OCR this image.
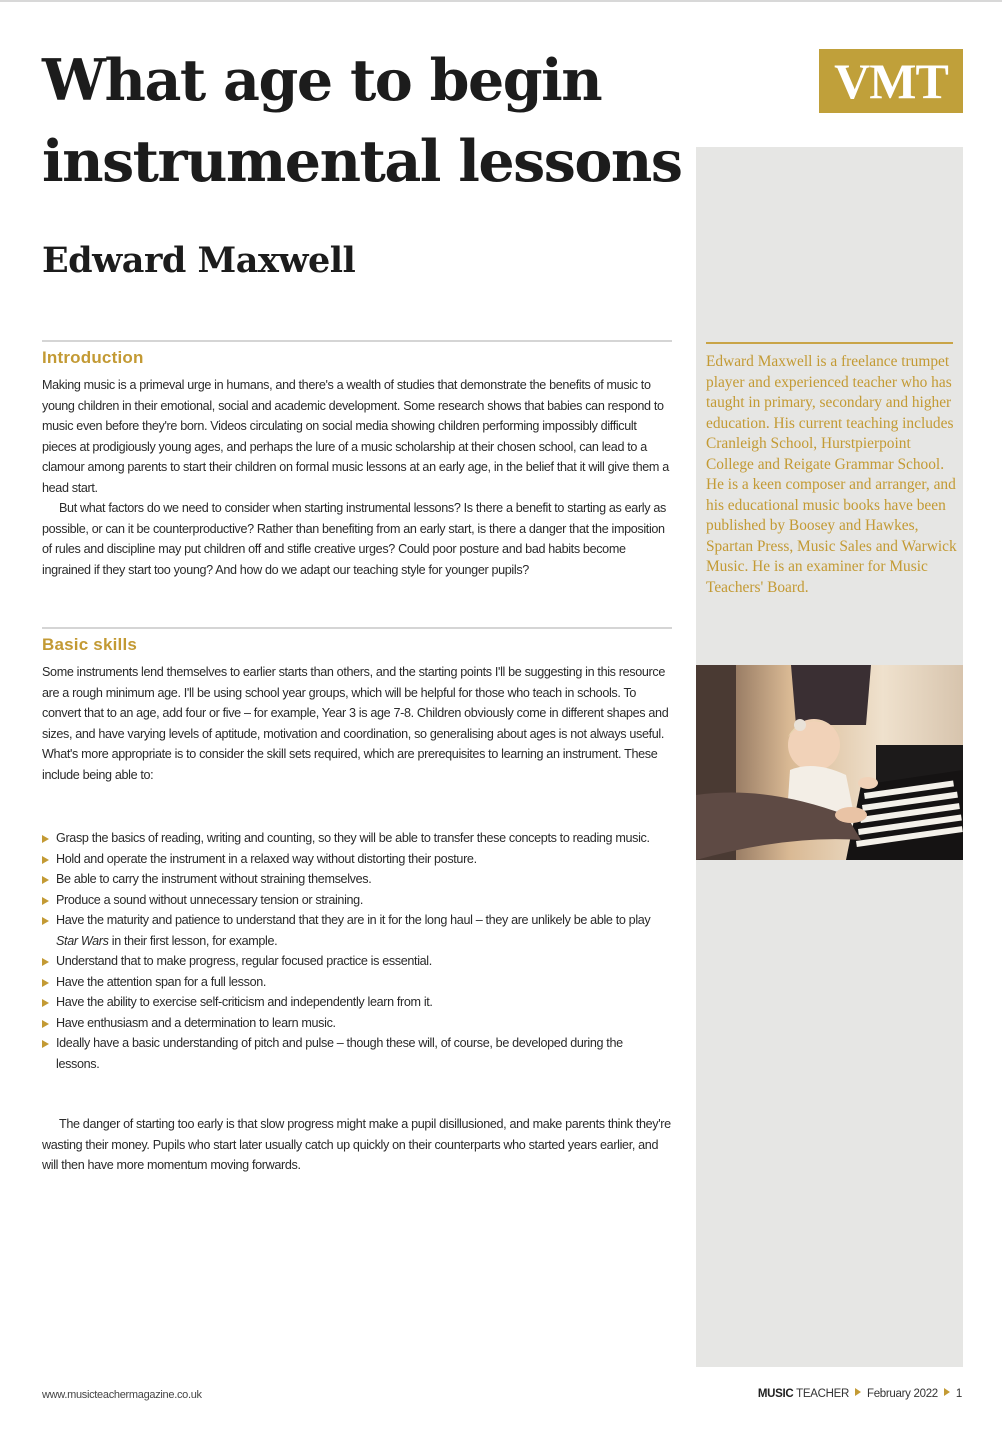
What age to begin
instrumental lessons
Edward Maxwell
VMT

Edward Maxwell is a freelance trumpet player and experienced teacher who has taught in primary, secondary and higher education. His current teaching includes Cranleigh School, Hurstpierpoint College and Reigate Grammar School. He is a keen composer and arranger, and his educational music books have been published by Boosey and Hawkes, Spartan Press, Music Sales and Warwick Music. He is an examiner for Music Teachers' Board.

Introduction

Making music is a primeval urge in humans, and there's a wealth of studies that demonstrate the benefits of music to young children in their emotional, social and academic development. Some research shows that babies can respond to music even before they're born. Videos circulating on social media showing children performing impossibly difficult pieces at prodigiously young ages, and perhaps the lure of a music scholarship at their chosen school, can lead to a clamour among parents to start their children on formal music lessons at an early age, in the belief that it will give them a head start.

But what factors do we need to consider when starting instrumental lessons? Is there a benefit to starting as early as possible, or can it be counterproductive? Rather than benefiting from an early start, is there a danger that the imposition of rules and discipline may put children off and stifle creative urges? Could poor posture and bad habits become ingrained if they start too young? And how do we adapt our teaching style for younger pupils?

Basic skills

Some instruments lend themselves to earlier starts than others, and the starting points I'll be suggesting in this resource are a rough minimum age. I'll be using school year groups, which will be helpful for those who teach in schools. To convert that to an age, add four or five – for example, Year 3 is age 7-8. Children obviously come in different shapes and sizes, and have varying levels of aptitude, motivation and coordination, so generalising about ages is not always useful. What's more appropriate is to consider the skill sets required, which are prerequisites to learning an instrument. These include being able to:

Grasp the basics of reading, writing and counting, so they will be able to transfer these concepts to reading music.
Hold and operate the instrument in a relaxed way without distorting their posture.
Be able to carry the instrument without straining themselves.
Produce a sound without unnecessary tension or straining.
Have the maturity and patience to understand that they are in it for the long haul – they are unlikely be able to play Star Wars in their first lesson, for example.
Understand that to make progress, regular focused practice is essential.
Have the attention span for a full lesson.
Have the ability to exercise self-criticism and independently learn from it.
Have enthusiasm and a determination to learn music.
Ideally have a basic understanding of pitch and pulse – though these will, of course, be developed during the lessons.

The danger of starting too early is that slow progress might make a pupil disillusioned, and make parents think they're wasting their money. Pupils who start later usually catch up quickly on their counterparts who started years earlier, and will then have more momentum moving forwards.

www.musicteachermagazine.co.uk	MUSIC TEACHER February 2022 1
